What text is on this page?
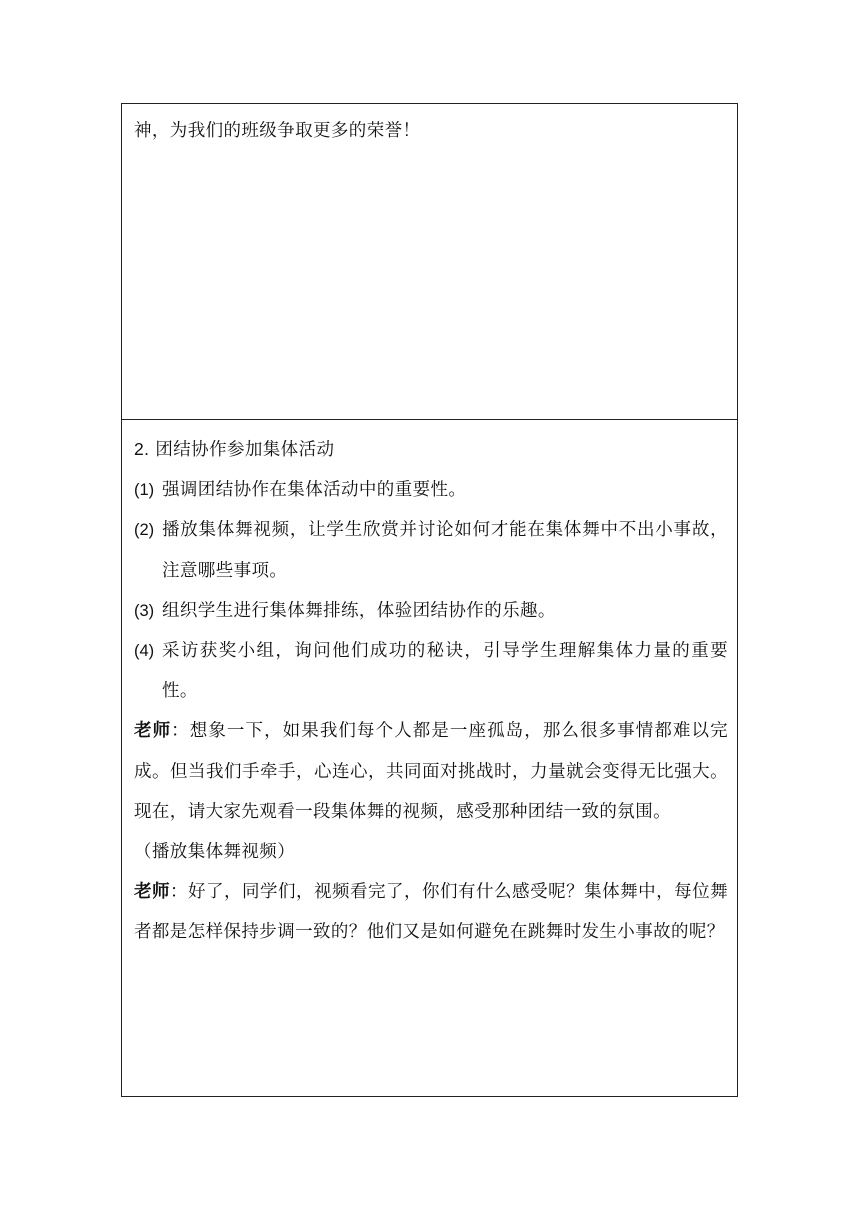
神，为我们的班级争取更多的荣誉！
2. 团结协作参加集体活动
(1) 强调团结协作在集体活动中的重要性。
(2) 播放集体舞视频，让学生欣赏并讨论如何才能在集体舞中不出小事故，注意哪些事项。
(3) 组织学生进行集体舞排练，体验团结协作的乐趣。
(4) 采访获奖小组，询问他们成功的秘诀，引导学生理解集体力量的重要性。

老师：想象一下，如果我们每个人都是一座孤岛，那么很多事情都难以完成。但当我们手牵手，心连心，共同面对挑战时，力量就会变得无比强大。现在，请大家先观看一段集体舞的视频，感受那种团结一致的氛围。

（播放集体舞视频）

老师：好了，同学们，视频看完了，你们有什么感受呢？集体舞中，每位舞者都是怎样保持步调一致的？他们又是如何避免在跳舞时发生小事故的呢？
